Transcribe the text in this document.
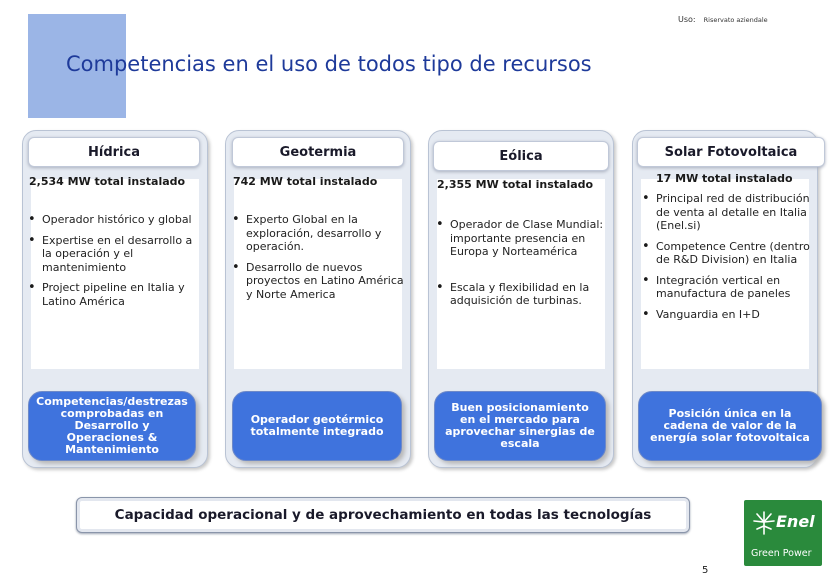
Uso: Riservato aziendale
Competencias en el uso de todos tipo de recursos
Hídrica
2,534 MW total instalado
• Operador histórico y global
• Expertise en el desarrollo a la operación y el mantenimiento
• Project pipeline en Italia y Latino América
Competencias/destrezas comprobadas en Desarrollo y Operaciones & Mantenimiento
Geotermia
742 MW total instalado
• Experto Global en la exploración, desarrollo y operación.
• Desarrollo de nuevos proyectos en Latino América y Norte America
Operador geotérmico totalmente integrado
Eólica
2,355 MW total instalado
• Operador de Clase Mundial: importante presencia en Europa y Norteamérica
• Escala y flexibilidad en la adquisición de turbinas.
Buen posicionamiento en el mercado para aprovechar sinergias de escala
Solar Fotovoltaica
17 MW total instalado
• Principal red de distribución de venta al detalle en Italia (Enel.si)
• Competence Centre (dentro de R&D Division) en Italia
• Integración vertical en manufactura de paneles
• Vanguardia en I+D
Posición única en la cadena de valor de la energía solar fotovoltaica
Capacidad operacional y de aprovechamiento en todas las tecnologías	Enel
Green Power
5
